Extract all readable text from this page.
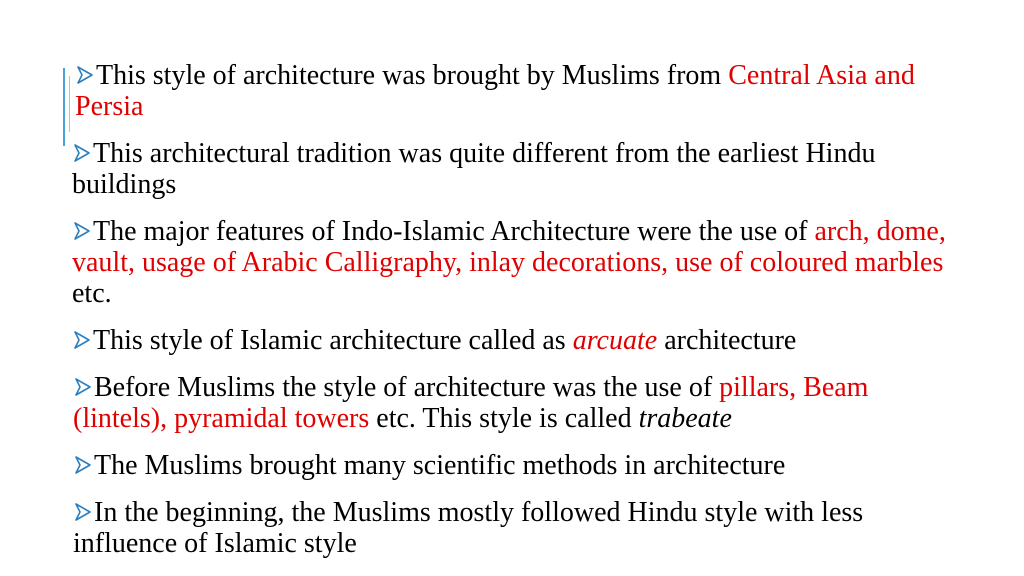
This style of architecture was brought by Muslims from Central Asia and Persia
This architectural tradition was quite different from the earliest Hindu buildings
The major features of Indo-Islamic Architecture were the use of arch, dome, vault, usage of Arabic Calligraphy, inlay decorations, use of coloured marbles etc.
This style of Islamic architecture called as arcuate architecture
Before Muslims the style of architecture was the use of pillars, Beam (lintels), pyramidal towers etc. This style is called trabeate
The Muslims brought many scientific methods in architecture
In the beginning, the Muslims mostly followed Hindu style with less influence of Islamic style
